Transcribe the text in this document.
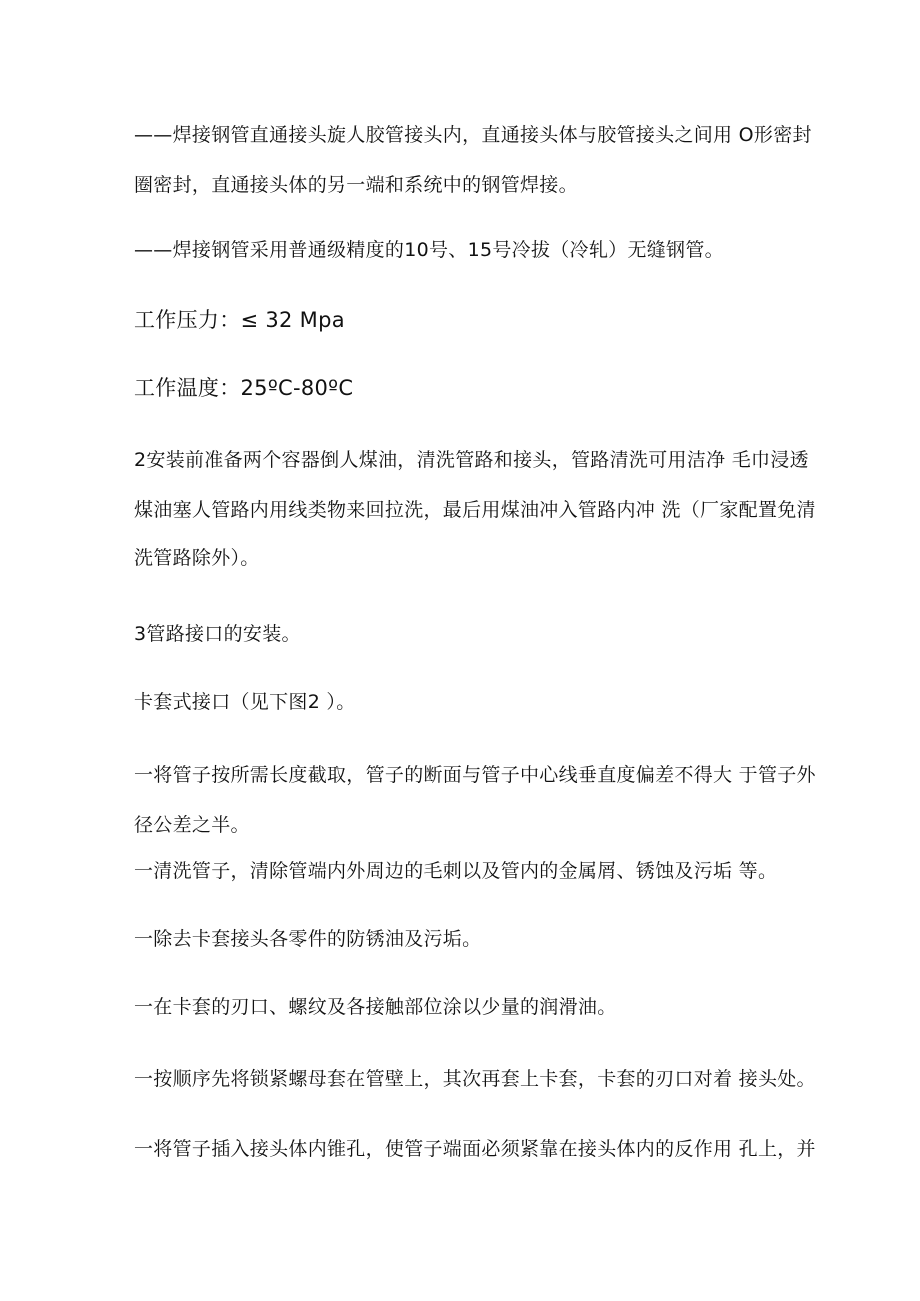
——焊接钢管直通接头旋人胶管接头内，直通接头体与胶管接头之间用 O形密封
圈密封，直通接头体的另一端和系统中的钢管焊接。
——焊接钢管采用普通级精度的10号、15号冷拔（冷轧）无缝钢管。
工作压力：≤ 32 Mpa
工作温度：25ºC-80ºC
2安装前准备两个容器倒人煤油，清洗管路和接头，管路清洗可用洁净 毛巾浸透
煤油塞人管路内用线类物来回拉洗，最后用煤油冲入管路内冲 洗（厂家配置免清
洗管路除外）。
3管路接口的安装。
卡套式接口（见下图2 ）。
一将管子按所需长度截取，管子的断面与管子中心线垂直度偏差不得大 于管子外
径公差之半。
一清洗管子，清除管端内外周边的毛刺以及管内的金属屑、锈蚀及污垢 等。
一除去卡套接头各零件的防锈油及污垢。
一在卡套的刃口、螺纹及各接触部位涂以少量的润滑油。
一按顺序先将锁紧螺母套在管壁上，其次再套上卡套，卡套的刃口对着 接头处。
一将管子插入接头体内锥孔，使管子端面必须紧靠在接头体内的反作用 孔上，并
